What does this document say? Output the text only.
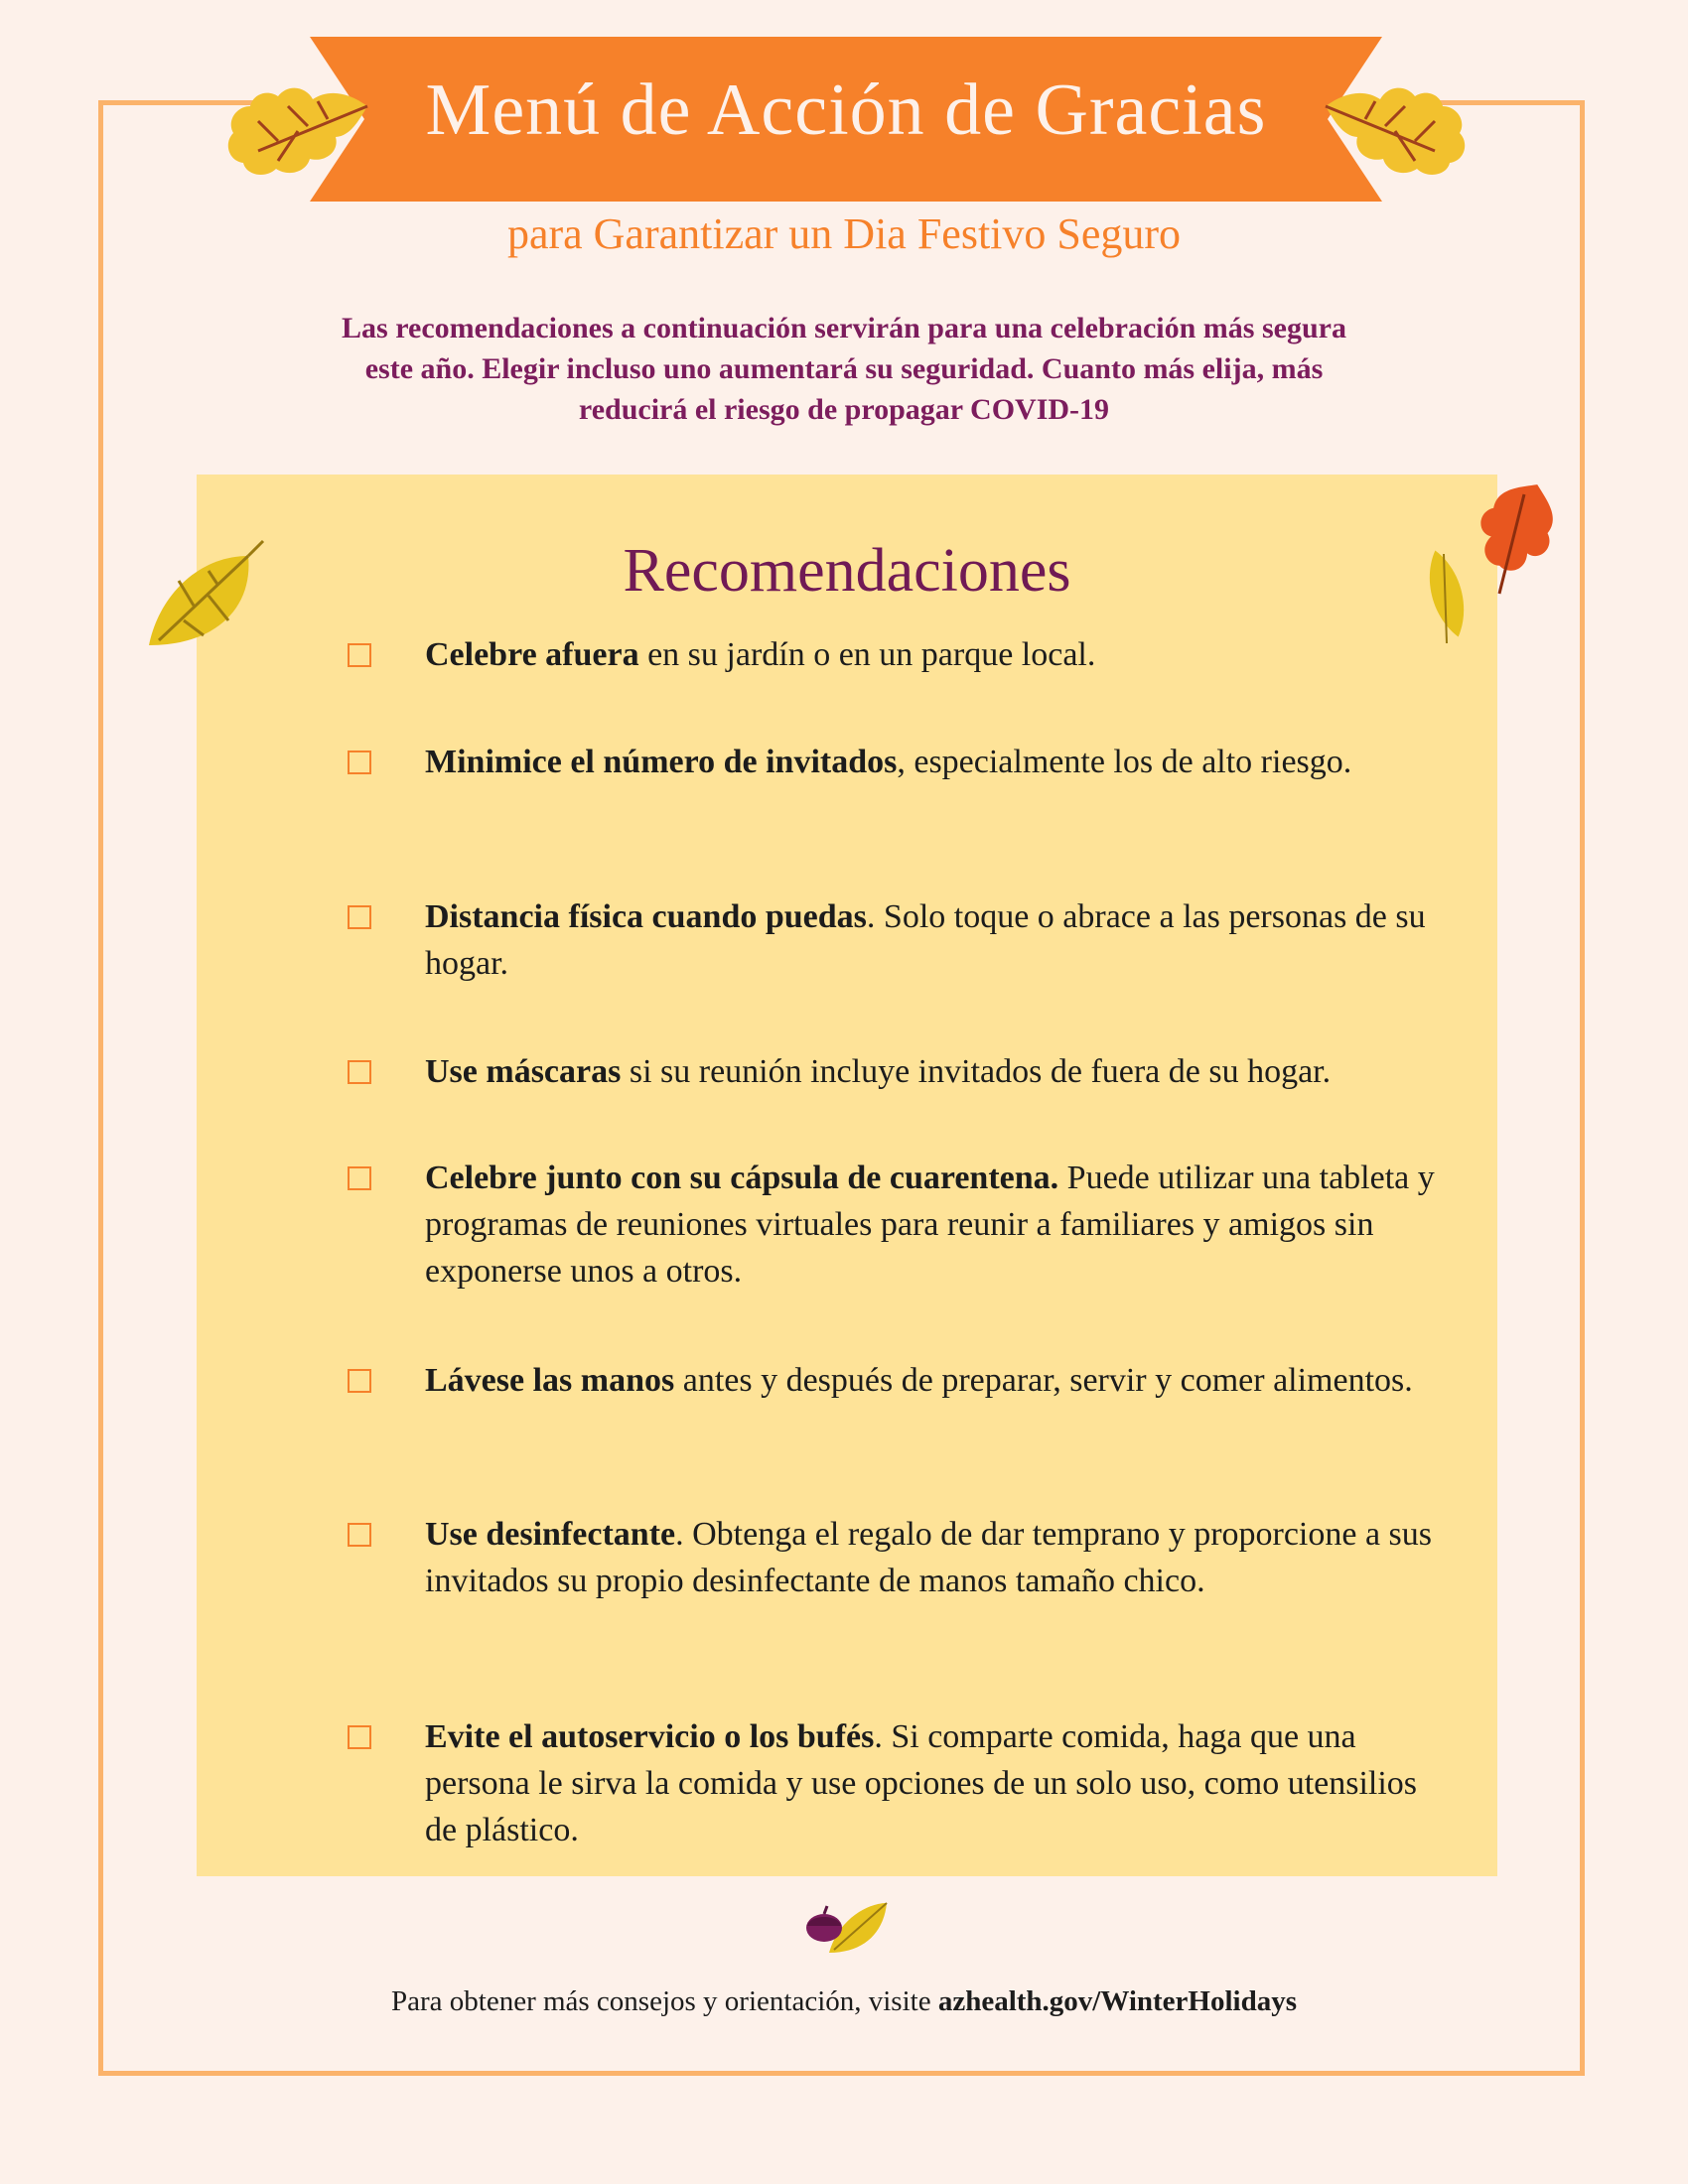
Menú de Acción de Gracias
para Garantizar un Dia Festivo Seguro
Las recomendaciones a continuación servirán para una celebración más segura este año. Elegir incluso uno aumentará su seguridad. Cuanto más elija, más reducirá el riesgo de propagar COVID-19
Recomendaciones
Celebre afuera en su jardín o en un parque local.
Minimice el número de invitados, especialmente los de alto riesgo.
Distancia física cuando puedas. Solo toque o abrace a las personas de su hogar.
Use máscaras si su reunión incluye invitados de fuera de su hogar.
Celebre junto con su cápsula de cuarentena. Puede utilizar una tableta y programas de reuniones virtuales para reunir a familiares y amigos sin exponerse unos a otros.
Lávese las manos antes y después de preparar, servir y comer alimentos.
Use desinfectante. Obtenga el regalo de dar temprano y proporcione a sus invitados su propio desinfectante de manos tamaño chico.
Evite el autoservicio o los bufés. Si comparte comida, haga que una persona le sirva la comida y use opciones de un solo uso, como utensilios de plástico.
Para obtener más consejos y orientación, visite azhealth.gov/WinterHolidays
